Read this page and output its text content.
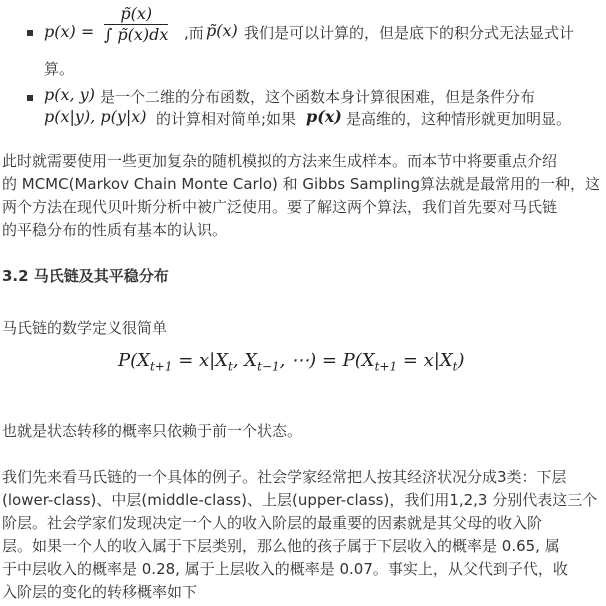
p(x) =
p̃(x)
∫ p̃(x)dx ,而 p̃(x) 我们是可以计算的，但是底下的积分式无法显式计
算。
p(x, y) 是一个二维的分布函数，这个函数本身计算很困难，但是条件分布
p(x|y), p(y|x) 的计算相对简单;如果 p(x) 是高维的，这种情形就更加明显。
此时就需要使用一些更加复杂的随机模拟的方法来生成样本。而本节中将要重点介绍
的 MCMC(Markov Chain Monte Carlo) 和 Gibbs Sampling算法就是最常用的一种，这
两个方法在现代贝叶斯分析中被广泛使用。要了解这两个算法，我们首先要对马氏链
的平稳分布的性质有基本的认识。
3.2 马氏链及其平稳分布
马氏链的数学定义很简单
$P(X_{t+1} = x|X_t$, $X_{t-1}$, ⋯) = $P(X_{t+1} = x|X_t)$
也就是状态转移的概率只依赖于前一个状态。
我们先来看马氏链的一个具体的例子。社会学家经常把人按其经济状况分成3类：下层
(lower-class)、中层(middle-class)、上层(upper-class)，我们用1,2,3 分别代表这三个
阶层。社会学家们发现决定一个人的收入阶层的最重要的因素就是其父母的收入阶
层。如果一个人的收入属于下层类别，那么他的孩子属于下层收入的概率是 0.65, 属
于中层收入的概率是 0.28, 属于上层收入的概率是 0.07。事实上，从父代到子代，收
入阶层的变化的转移概率如下
